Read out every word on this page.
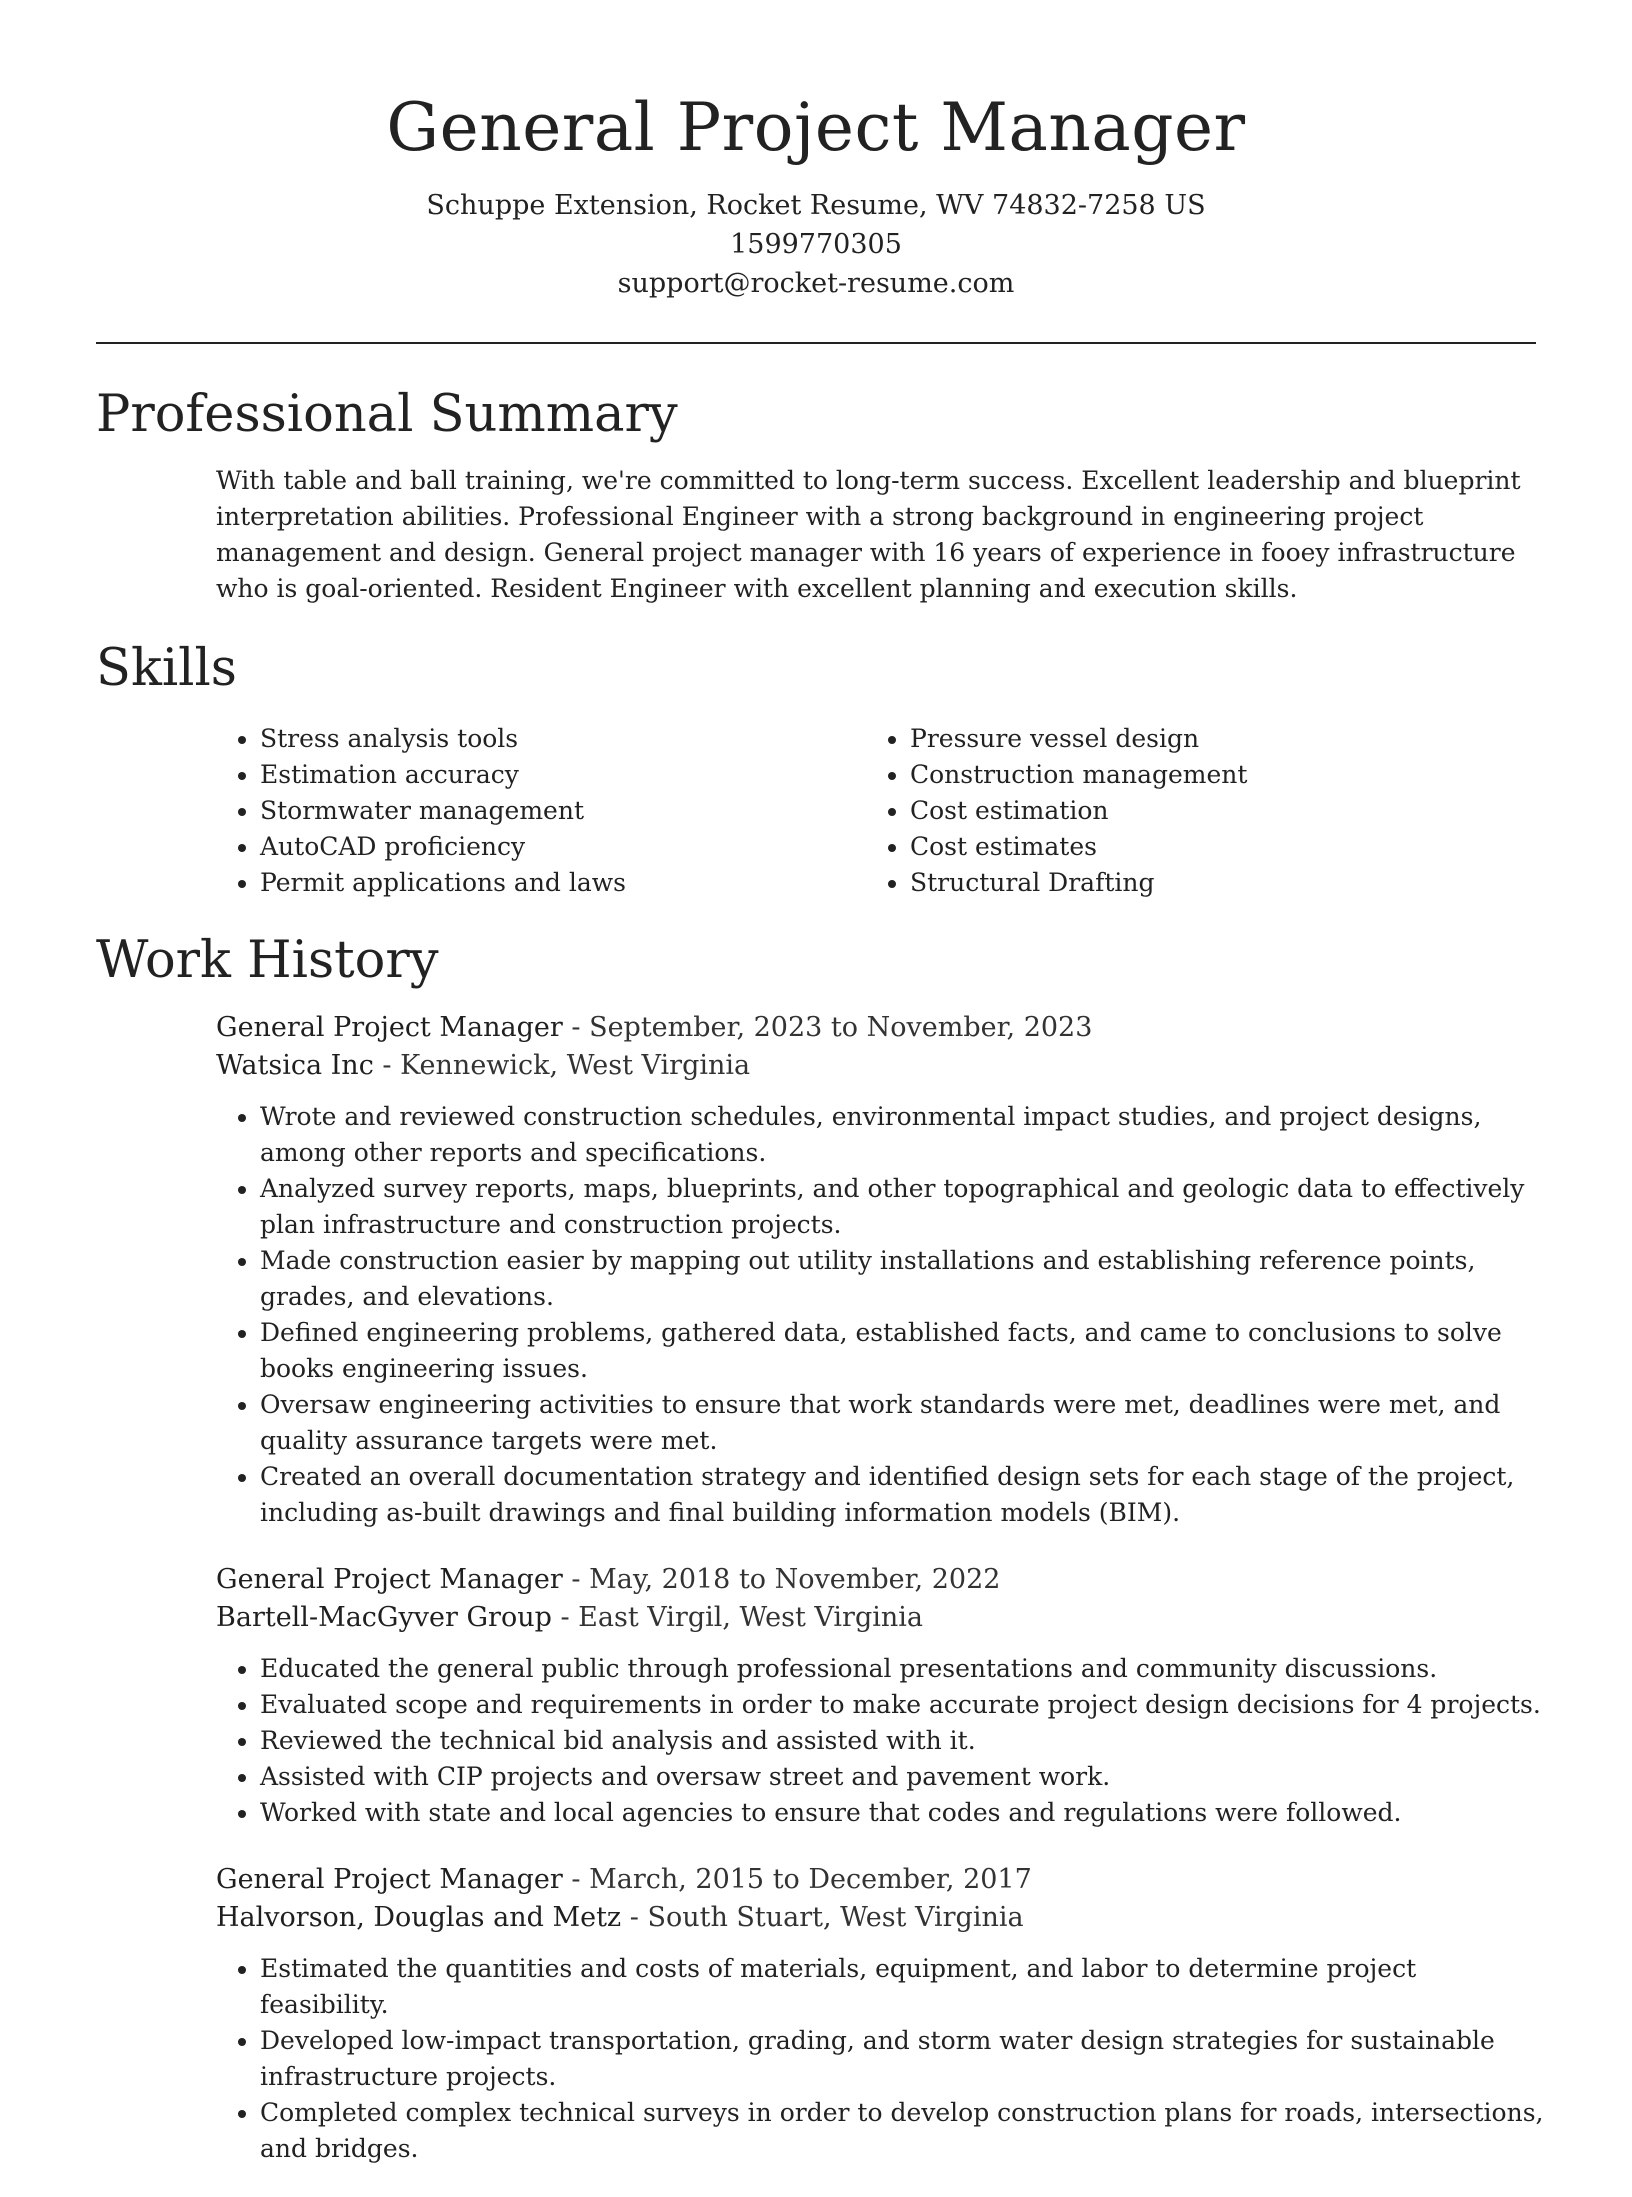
General Project Manager
Schuppe Extension, Rocket Resume, WV 74832-7258 US
1599770305
support@rocket-resume.com
Professional Summary
With table and ball training, we're committed to long-term success. Excellent leadership and blueprint interpretation abilities. Professional Engineer with a strong background in engineering project management and design. General project manager with 16 years of experience in fooey infrastructure who is goal-oriented. Resident Engineer with excellent planning and execution skills.
Skills
• Stress analysis tools
• Estimation accuracy
• Stormwater management
• AutoCAD proficiency
• Permit applications and laws
• Pressure vessel design
• Construction management
• Cost estimation
• Cost estimates
• Structural Drafting
Work History
General Project Manager - September, 2023 to November, 2023
Watsica Inc - Kennewick, West Virginia
• Wrote and reviewed construction schedules, environmental impact studies, and project designs, among other reports and specifications.
• Analyzed survey reports, maps, blueprints, and other topographical and geologic data to effectively plan infrastructure and construction projects.
• Made construction easier by mapping out utility installations and establishing reference points, grades, and elevations.
• Defined engineering problems, gathered data, established facts, and came to conclusions to solve books engineering issues.
• Oversaw engineering activities to ensure that work standards were met, deadlines were met, and quality assurance targets were met.
• Created an overall documentation strategy and identified design sets for each stage of the project, including as-built drawings and final building information models (BIM).
General Project Manager - May, 2018 to November, 2022
Bartell-MacGyver Group - East Virgil, West Virginia
• Educated the general public through professional presentations and community discussions.
• Evaluated scope and requirements in order to make accurate project design decisions for 4 projects.
• Reviewed the technical bid analysis and assisted with it.
• Assisted with CIP projects and oversaw street and pavement work.
• Worked with state and local agencies to ensure that codes and regulations were followed.
General Project Manager - March, 2015 to December, 2017
Halvorson, Douglas and Metz - South Stuart, West Virginia
• Estimated the quantities and costs of materials, equipment, and labor to determine project feasibility.
• Developed low-impact transportation, grading, and storm water design strategies for sustainable infrastructure projects.
• Completed complex technical surveys in order to develop construction plans for roads, intersections, and bridges.
